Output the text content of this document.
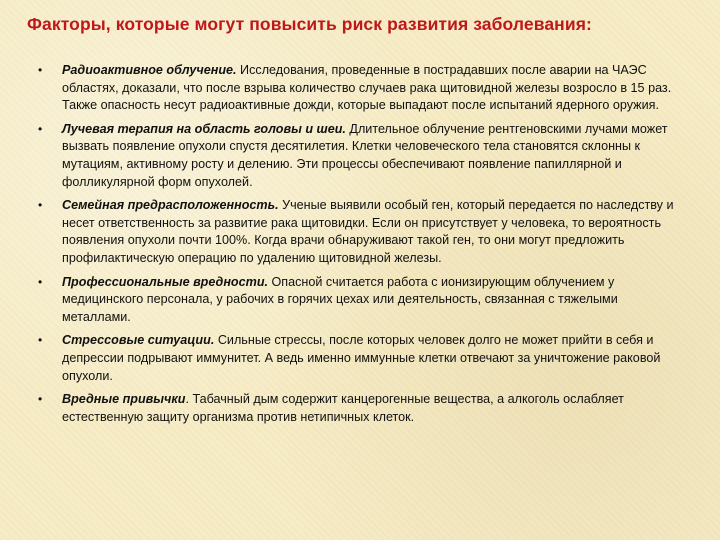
Факторы, которые могут повысить риск развития заболевания:
• Радиоактивное облучение. Исследования, проведенные в пострадавших после аварии на ЧАЭС областях, доказали, что после взрыва количество случаев рака щитовидной железы возросло в 15 раз. Также опасность несут радиоактивные дожди, которые выпадают после испытаний ядерного оружия.
• Лучевая терапия на область головы и шеи. Длительное облучение рентгеновскими лучами может вызвать появление опухоли спустя десятилетия. Клетки человеческого тела становятся склонны к мутациям, активному росту и делению. Эти процессы обеспечивают появление папиллярной и фолликулярной форм опухолей.
• Семейная предрасположенность. Ученые выявили особый ген, который передается по наследству и несет ответственность за развитие рака щитовидки. Если он присутствует у человека, то вероятность появления опухоли почти 100%. Когда врачи обнаруживают такой ген, то они могут предложить профилактическую операцию по удалению щитовидной железы.
• Профессиональные вредности. Опасной считается работа с ионизирующим облучением у медицинского персонала, у рабочих в горячих цехах или деятельность, связанная с тяжелыми металлами.
• Стрессовые ситуации. Сильные стрессы, после которых человек долго не может прийти в себя и депрессии подрывают иммунитет. А ведь именно иммунные клетки отвечают за уничтожение раковой опухоли.
• Вредные привычки. Табачный дым содержит канцерогенные вещества, а алкоголь ослабляет естественную защиту организма против нетипичных клеток.
